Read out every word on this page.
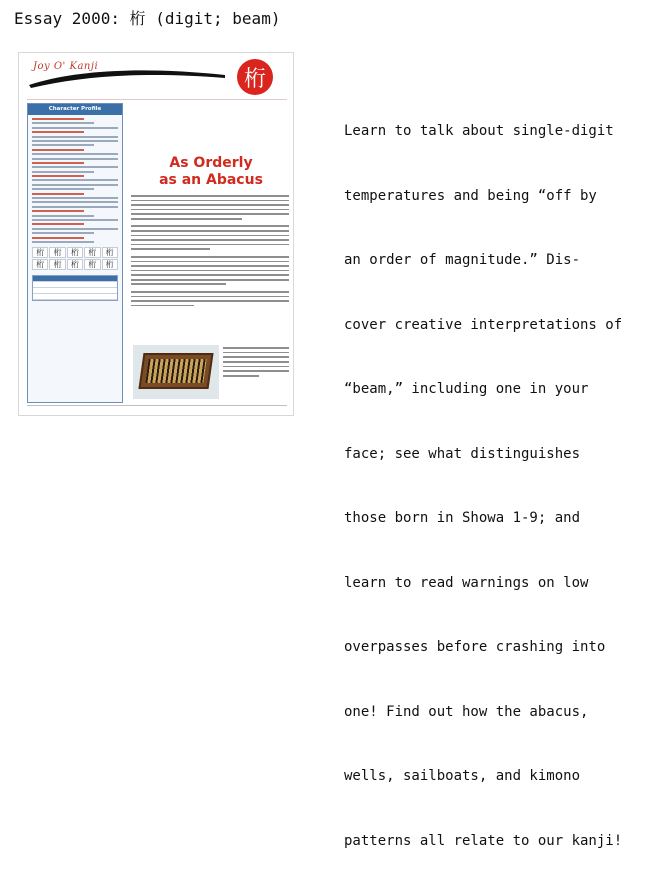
Essay 2000: 桁 (digit; beam)
Joy O' Kanji	桁
Character Profile
桁	桁	桁	桁	桁
桁	桁	桁	桁	桁
As Orderly
as an Abacus

Learn to talk about single-digit

temperatures and being “off by

an order of magnitude.” Dis-

cover creative interpretations of

“beam,” including one in your

face; see what distinguishes

those born in Showa 1-9; and

learn to read warnings on low

overpasses before crashing into

one! Find out how the abacus,

wells, sailboats, and kimono

patterns all relate to our kanji!
